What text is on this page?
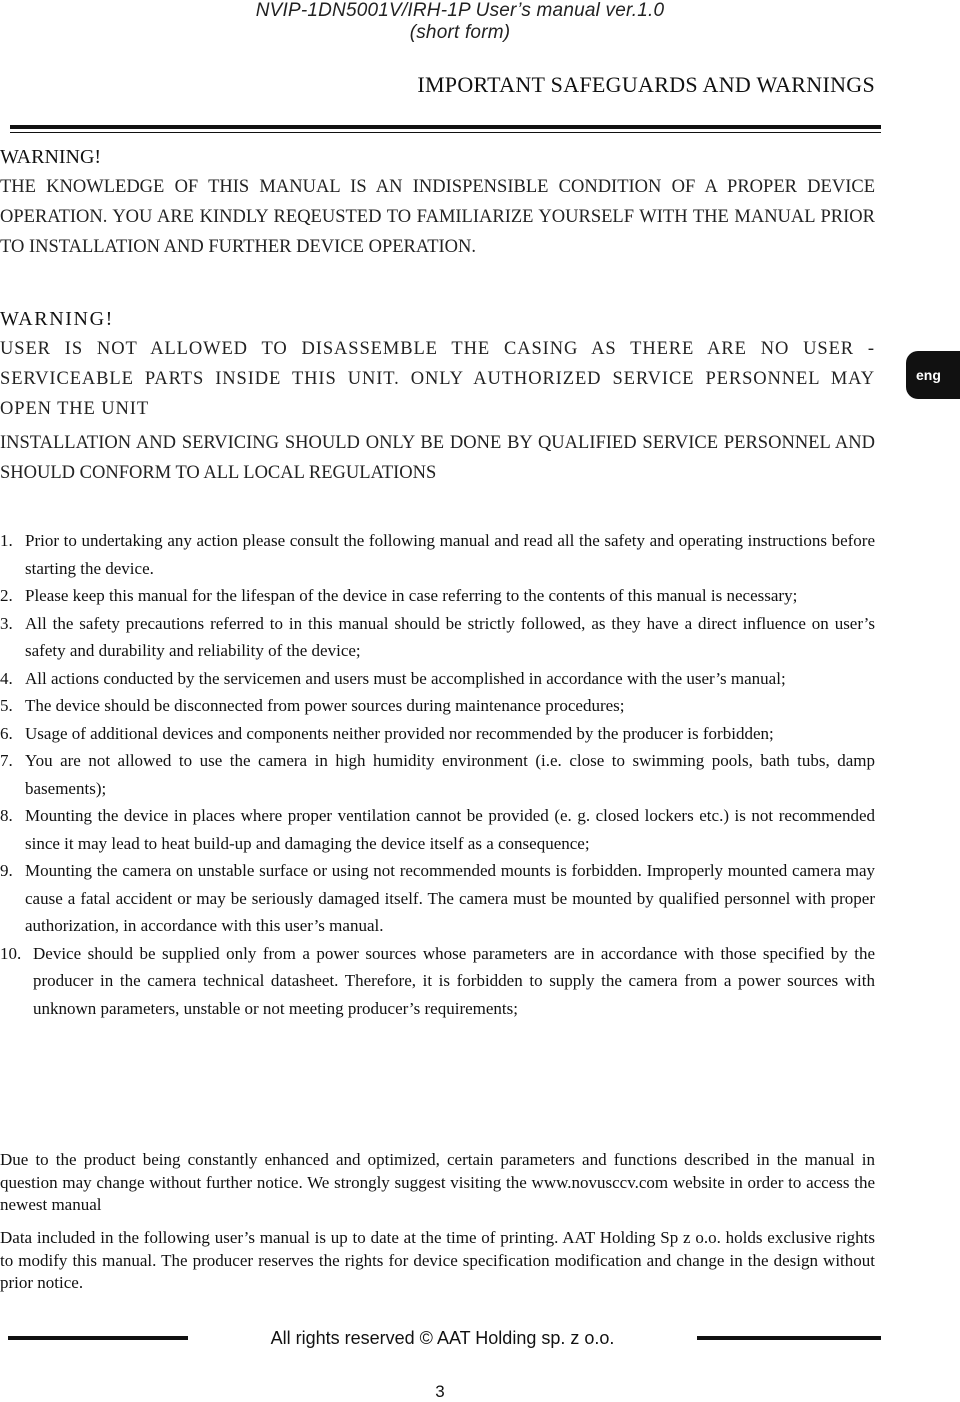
NVIP-1DN5001V/IRH-1P User’s manual ver.1.0
(short form)
IMPORTANT SAFEGUARDS AND WARNINGS
WARNING!
THE KNOWLEDGE OF THIS MANUAL IS AN INDISPENSIBLE CONDITION OF A PROPER DEVICE OPERATION. YOU ARE KINDLY REQEUSTED TO FAMILIARIZE YOURSELF WITH THE MANUAL PRIOR TO INSTALLATION AND FURTHER DEVICE OPERATION.
WARNING!
USER IS NOT ALLOWED TO DISASSEMBLE THE CASING AS THERE ARE NO USER -SERVICEABLE PARTS INSIDE THIS UNIT. ONLY AUTHORIZED SERVICE PERSONNEL MAY OPEN THE UNIT
INSTALLATION AND SERVICING SHOULD ONLY BE DONE BY QUALIFIED SERVICE PERSONNEL AND SHOULD CONFORM TO ALL LOCAL REGULATIONS
eng
1. Prior to undertaking any action please consult the following manual and read all the safety and operating instructions before starting the device.
2. Please keep this manual for the lifespan of the device in case referring to the contents of this manual is necessary;
3. All the safety precautions referred to in this manual should be strictly followed, as they have a direct influence on user’s safety and durability and reliability of the device;
4. All actions conducted by the servicemen and users must be accomplished in accordance with the user’s manual;
5. The device should be disconnected from power sources during maintenance procedures;
6. Usage of additional devices and components neither provided nor recommended by the producer is forbidden;
7. You are not allowed to use the camera in high humidity environment (i.e. close to swimming pools, bath tubs, damp basements);
8. Mounting the device in places where proper ventilation cannot be provided (e. g. closed lockers etc.) is not recommended since it may lead to heat build-up and damaging the device itself as a consequence;
9. Mounting the camera on unstable surface or using not recommended mounts is forbidden. Improperly mounted camera may cause a fatal accident or may be seriously damaged itself. The camera must be mounted by qualified personnel with proper authorization, in accordance with this user’s manual.
10. Device should be supplied only from a power sources whose parameters are in accordance with those specified by the producer in the camera technical datasheet. Therefore, it is forbidden to supply the camera from a power sources with unknown parameters, unstable or not meeting producer’s requirements;
Due to the product being constantly enhanced and optimized, certain parameters and functions described in the manual in question may change without further notice. We strongly suggest visiting the www.novusccv.com website in order to access the newest manual
Data included in the following user’s manual is up to date at the time of printing. AAT Holding Sp z o.o. holds exclusive rights to modify this manual. The producer reserves the rights for device specification modification and change in the design without prior notice.
All rights reserved © AAT Holding sp. z o.o.
3
